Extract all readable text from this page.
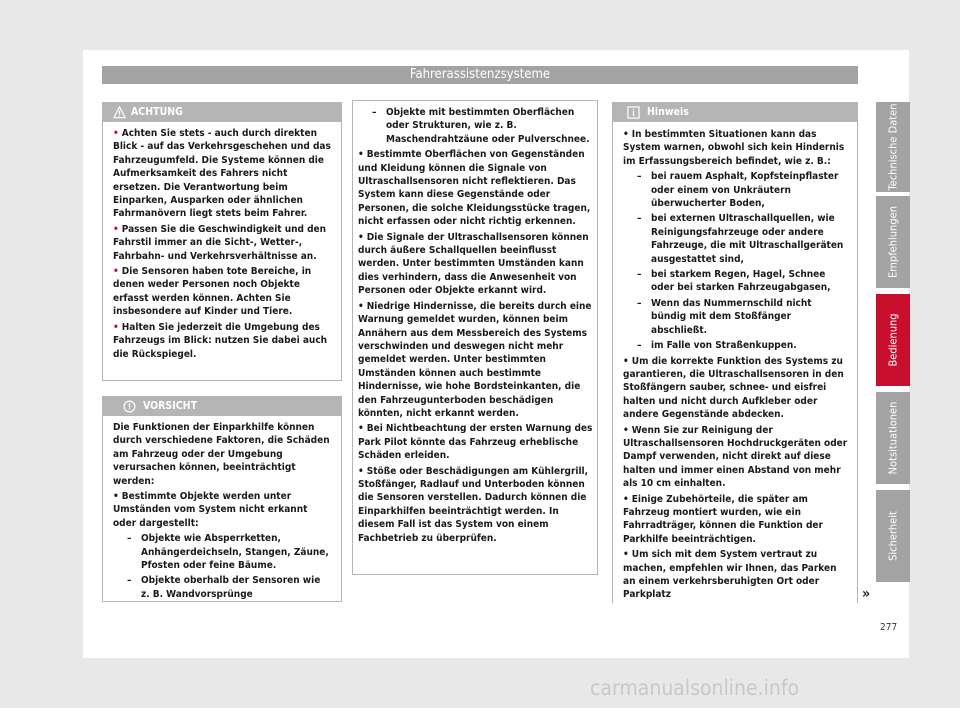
Fahrerassistenzsysteme
ACHTUNG
• Achten Sie stets - auch durch direkten Blick - auf das Verkehrsgeschehen und das Fahrzeugumfeld. Die Systeme können die Aufmerksamkeit des Fahrers nicht ersetzen. Die Verantwortung beim Einparken, Ausparken oder ähnlichen Fahrmanövern liegt stets beim Fahrer.
• Passen Sie die Geschwindigkeit und den Fahrstil immer an die Sicht-, Wetter-, Fahrbahn- und Verkehrsverhältnisse an.
• Die Sensoren haben tote Bereiche, in denen weder Personen noch Objekte erfasst werden können. Achten Sie insbesondere auf Kinder und Tiere.
• Halten Sie jederzeit die Umgebung des Fahrzeugs im Blick: nutzen Sie dabei auch die Rückspiegel.
VORSICHT
Die Funktionen der Einparkhilfe können durch verschiedene Faktoren, die Schäden am Fahrzeug oder der Umgebung verursachen können, beeinträchtigt werden:
• Bestimmte Objekte werden unter Umständen vom System nicht erkannt oder dargestellt:
– Objekte wie Absperrketten, Anhängerdeichseln, Stangen, Zäune, Pfosten oder feine Bäume.
– Objekte oberhalb der Sensoren wie z. B. Wandvorsprünge
– Objekte mit bestimmten Oberflächen oder Strukturen, wie z. B. Maschendrahtzäune oder Pulverschnee.
• Bestimmte Oberflächen von Gegenständen und Kleidung können die Signale von Ultraschallsensoren nicht reflektieren. Das System kann diese Gegenstände oder Personen, die solche Kleidungsstücke tragen, nicht erfassen oder nicht richtig erkennen.
• Die Signale der Ultraschallsensoren können durch äußere Schallquellen beeinflusst werden. Unter bestimmten Umständen kann dies verhindern, dass die Anwesenheit von Personen oder Objekte erkannt wird.
• Niedrige Hindernisse, die bereits durch eine Warnung gemeldet wurden, können beim Annähern aus dem Messbereich des Systems verschwinden und deswegen nicht mehr gemeldet werden. Unter bestimmten Umständen können auch bestimmte Hindernisse, wie hohe Bordsteinkanten, die den Fahrzeugunterboden beschädigen könnten, nicht erkannt werden.
• Bei Nichtbeachtung der ersten Warnung des Park Pilot könnte das Fahrzeug erheblische Schäden erleiden.
• Stöße oder Beschädigungen am Kühlergrill, Stoßfänger, Radlauf und Unterboden können die Sensoren verstellen. Dadurch können die Einparkhilfen beeinträchtigt werden. In diesem Fall ist das System von einem Fachbetrieb zu überprüfen.
Hinweis
• In bestimmten Situationen kann das System warnen, obwohl sich kein Hindernis im Erfassungsbereich befindet, wie z. B.:
– bei rauem Asphalt, Kopfsteinpflaster oder einem von Unkräutern überwucherter Boden,
– bei externen Ultraschallquellen, wie Reinigungsfahrzeuge oder andere Fahrzeuge, die mit Ultraschallgeräten ausgestattet sind,
– bei starkem Regen, Hagel, Schnee oder bei starken Fahrzeugabgasen,
– Wenn das Nummernschild nicht bündig mit dem Stoßfänger abschließt.
– im Falle von Straßenkuppen.
• Um die korrekte Funktion des Systems zu garantieren, die Ultraschallsensoren in den Stoßfängern sauber, schnee- und eisfrei halten und nicht durch Aufkleber oder andere Gegenstände abdecken.
• Wenn Sie zur Reinigung der Ultraschallsensoren Hochdruckgeräten oder Dampf verwenden, nicht direkt auf diese halten und immer einen Abstand von mehr als 10 cm einhalten.
• Einige Zubehörteile, die später am Fahrzeug montiert wurden, wie ein Fahrradträger, können die Funktion der Parkhilfe beeinträchtigen.
• Um sich mit dem System vertraut zu machen, empfehlen wir Ihnen, das Parken an einem verkehrsberuhigten Ort oder Parkplatz	»
Technische Daten
Empfehlungen
Bedienung
Notsituationen
Sicherheit
277
carmanualsonline.info
